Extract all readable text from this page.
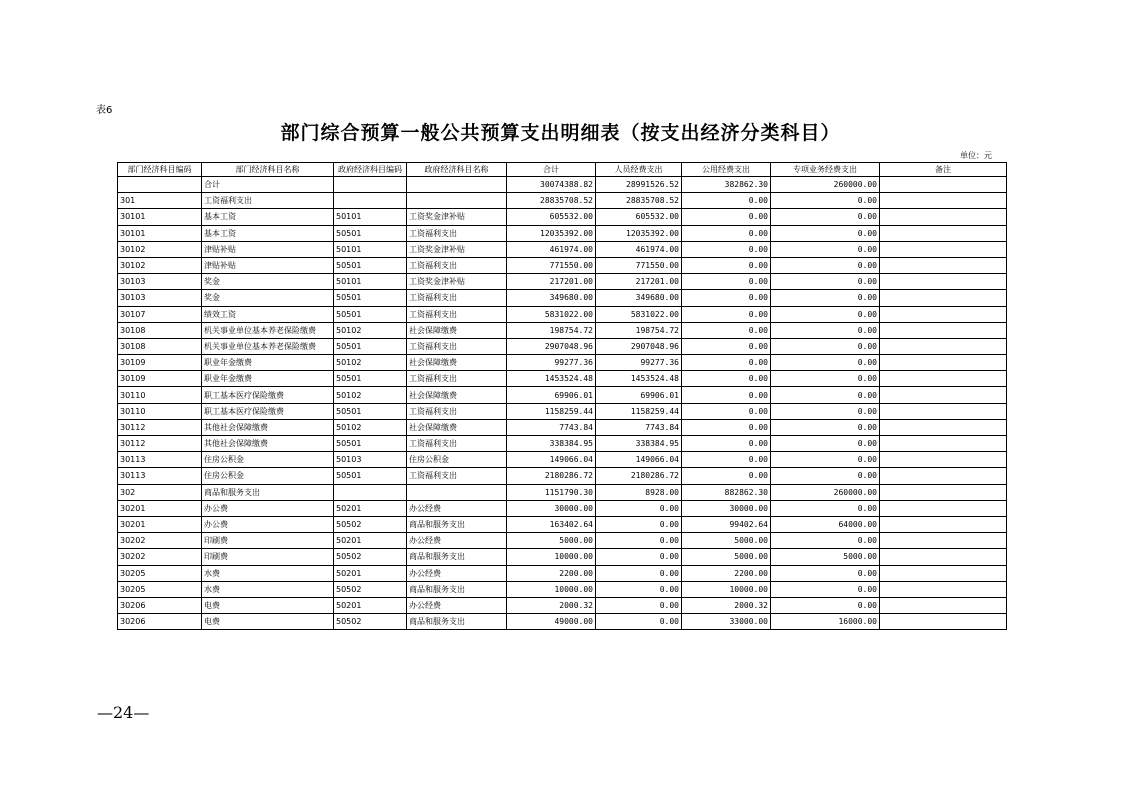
表6
部门综合预算一般公共预算支出明细表（按支出经济分类科目）
单位：元
部门经济科目编码	部门经济科目名称	政府经济科目编码	政府经济科目名称	合计	人员经费支出	公用经费支出	专项业务经费支出	备注
	合计			30074388.82	28991526.52	382862.30	260000.00	
301	工资福利支出			28835708.52	28835708.52	0.00	0.00	
30101	基本工资	50101	工资奖金津补贴	605532.00	605532.00	0.00	0.00	
30101	基本工资	50501	工资福利支出	12035392.00	12035392.00	0.00	0.00	
30102	津贴补贴	50101	工资奖金津补贴	461974.00	461974.00	0.00	0.00	
30102	津贴补贴	50501	工资福利支出	771550.00	771550.00	0.00	0.00	
30103	奖金	50101	工资奖金津补贴	217201.00	217201.00	0.00	0.00	
30103	奖金	50501	工资福利支出	349680.00	349680.00	0.00	0.00	
30107	绩效工资	50501	工资福利支出	5831022.00	5831022.00	0.00	0.00	
30108	机关事业单位基本养老保险缴费	50102	社会保障缴费	198754.72	198754.72	0.00	0.00	
30108	机关事业单位基本养老保险缴费	50501	工资福利支出	2907048.96	2907048.96	0.00	0.00	
30109	职业年金缴费	50102	社会保障缴费	99277.36	99277.36	0.00	0.00	
30109	职业年金缴费	50501	工资福利支出	1453524.48	1453524.48	0.00	0.00	
30110	职工基本医疗保险缴费	50102	社会保障缴费	69906.01	69906.01	0.00	0.00	
30110	职工基本医疗保险缴费	50501	工资福利支出	1158259.44	1158259.44	0.00	0.00	
30112	其他社会保障缴费	50102	社会保障缴费	7743.84	7743.84	0.00	0.00	
30112	其他社会保障缴费	50501	工资福利支出	338384.95	338384.95	0.00	0.00	
30113	住房公积金	50103	住房公积金	149066.04	149066.04	0.00	0.00	
30113	住房公积金	50501	工资福利支出	2180286.72	2180286.72	0.00	0.00	
302	商品和服务支出			1151790.30	8928.00	882862.30	260000.00	
30201	办公费	50201	办公经费	30000.00	0.00	30000.00	0.00	
30201	办公费	50502	商品和服务支出	163402.64	0.00	99402.64	64000.00	
30202	印刷费	50201	办公经费	5000.00	0.00	5000.00	0.00	
30202	印刷费	50502	商品和服务支出	10000.00	0.00	5000.00	5000.00	
30205	水费	50201	办公经费	2200.00	0.00	2200.00	0.00	
30205	水费	50502	商品和服务支出	10000.00	0.00	10000.00	0.00	
30206	电费	50201	办公经费	2000.32	0.00	2000.32	0.00	
30206	电费	50502	商品和服务支出	49000.00	0.00	33000.00	16000.00	
—24—
